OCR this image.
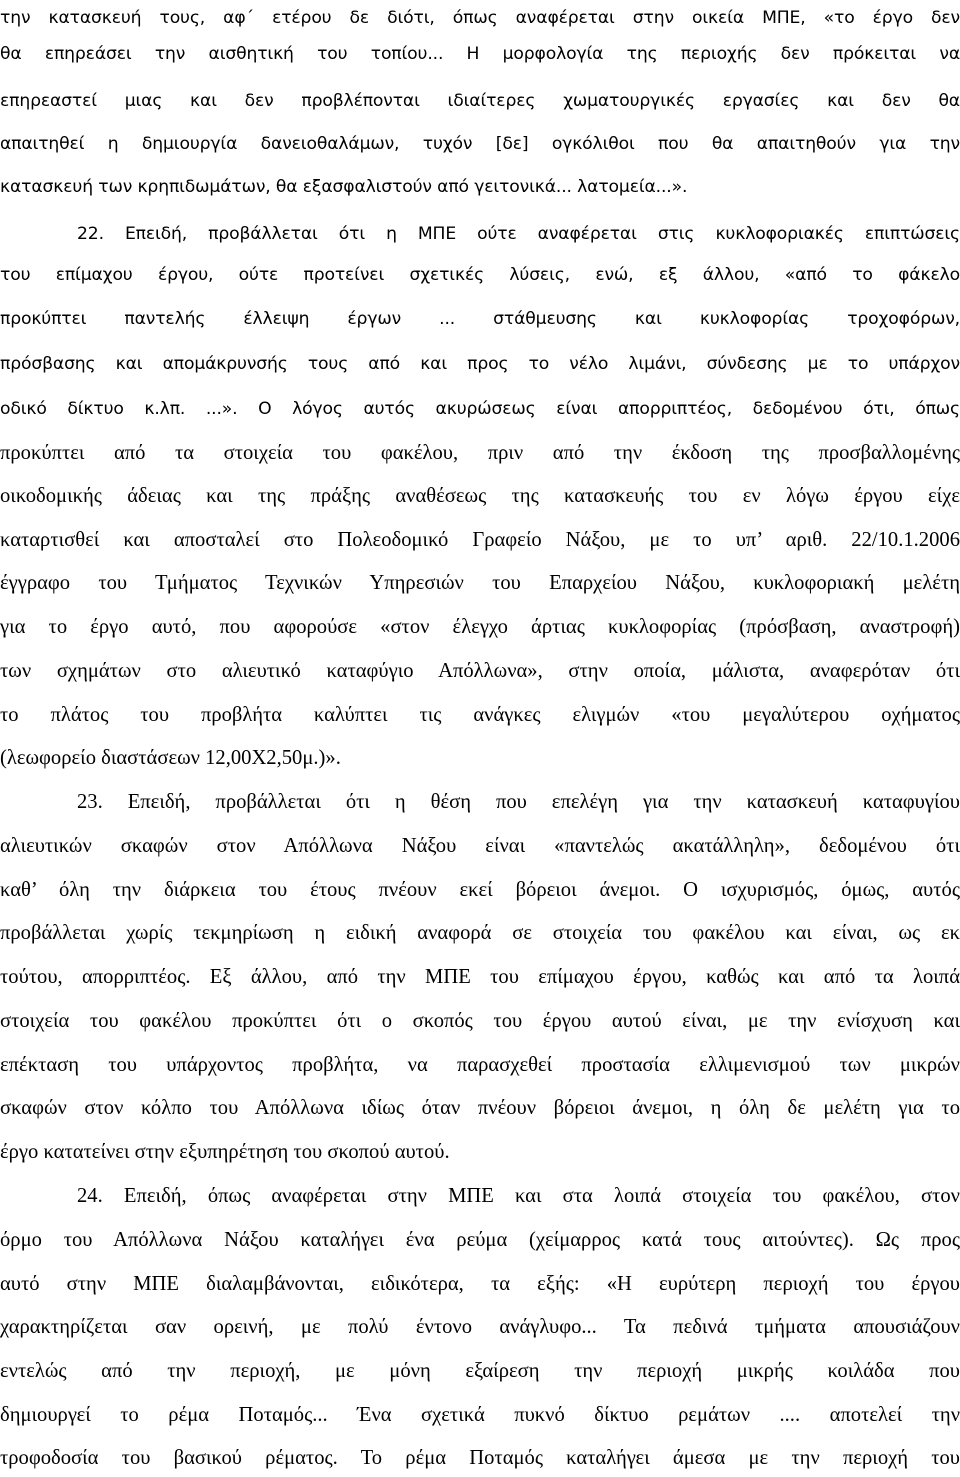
την κατασκευή τους, αφ΄ ετέρου δε διότι, όπως αναφέρεται στην οικεία ΜΠΕ, «το έργο δεν
θα επηρεάσει την αισθητική του τοπίου... Η μορφολογία της περιοχής δεν πρόκειται να
επηρεαστεί μιας και δεν προβλέπονται ιδιαίτερες χωματουργικές εργασίες και δεν θα
απαιτηθεί η δημιουργία δανειοθαλάμων, τυχόν [δε] ογκόλιθοι που θα απαιτηθούν για την
κατασκευή των κρηπιδωμάτων, θα εξασφαλιστούν από γειτονικά... λατομεία...».
22. Επειδή, προβάλλεται ότι η ΜΠΕ ούτε αναφέρεται στις κυκλοφοριακές επιπτώσεις
του επίμαχου έργου, ούτε προτείνει σχετικές λύσεις, ενώ, εξ άλλου, «από το φάκελο
προκύπτει παντελής έλλειψη έργων ... στάθμευσης και κυκλοφορίας τροχοφόρων,
πρόσβασης και απομάκρυνσής τους από και προς το νέλο λιμάνι, σύνδεσης με το υπάρχον
οδικό δίκτυο κ.λπ. ...». Ο λόγος αυτός ακυρώσεως είναι απορριπτέος, δεδομένου ότι, όπως
προκύπτει από τα στοιχεία του φακέλου, πριν από την έκδοση της προσβαλλομένης
οικοδομικής άδειας και της πράξης αναθέσεως της κατασκευής του εν λόγω έργου είχε
καταρτισθεί και αποσταλεί στο Πολεοδομικό Γραφείο Νάξου, με το υπ’ αριθ. 22/10.1.2006
έγγραφο του Τμήματος Τεχνικών Υπηρεσιών του Επαρχείου Νάξου, κυκλοφοριακή μελέτη
για το έργο αυτό, που αφορούσε «στον έλεγχο άρτιας κυκλοφορίας (πρόσβαση, αναστροφή)
των σχημάτων στο αλιευτικό καταφύγιο Απόλλωνα», στην οποία, μάλιστα, αναφερόταν ότι
το πλάτος του προβλήτα καλύπτει τις ανάγκες ελιγμών «του μεγαλύτερου οχήματος
(λεωφορείο διαστάσεων 12,00Χ2,50μ.)».
23. Επειδή, προβάλλεται ότι η θέση που επελέγη για την κατασκευή καταφυγίου
αλιευτικών σκαφών στον Απόλλωνα Νάξου είναι «παντελώς ακατάλληλη», δεδομένου ότι
καθ’ όλη την διάρκεια του έτους πνέουν εκεί βόρειοι άνεμοι. Ο ισχυρισμός, όμως, αυτός
προβάλλεται χωρίς τεκμηρίωση η ειδική αναφορά σε στοιχεία του φακέλου και είναι, ως εκ
τούτου, απορριπτέος. Εξ άλλου, από την ΜΠΕ του επίμαχου έργου, καθώς και από τα λοιπά
στοιχεία του φακέλου προκύπτει ότι ο σκοπός του έργου αυτού είναι, με την ενίσχυση και
επέκταση του υπάρχοντος προβλήτα, να παρασχεθεί προστασία ελλιμενισμού των μικρών
σκαφών στον κόλπο του Απόλλωνα ιδίως όταν πνέουν βόρειοι άνεμοι, η όλη δε μελέτη για το
έργο κατατείνει στην εξυπηρέτηση του σκοπού αυτού.
24. Επειδή, όπως αναφέρεται στην ΜΠΕ και στα λοιπά στοιχεία του φακέλου, στον
όρμο του Απόλλωνα Νάξου καταλήγει ένα ρεύμα (χείμαρρος κατά τους αιτούντες). Ως προς
αυτό στην ΜΠΕ διαλαμβάνονται, ειδικότερα, τα εξής: «Η ευρύτερη περιοχή του έργου
χαρακτηρίζεται σαν ορεινή, με πολύ έντονο ανάγλυφο... Τα πεδινά τμήματα απουσιάζουν
εντελώς από την περιοχή, με μόνη εξαίρεση την περιοχή μικρής κοιλάδα που
δημιουργεί το ρέμα Ποταμός... Ένα σχετικά πυκνό δίκτυο ρεμάτων .... αποτελεί την
τροφοδοσία του βασικού ρέματος. Το ρέμα Ποταμός καταλήγει άμεσα με την περιοχή του
